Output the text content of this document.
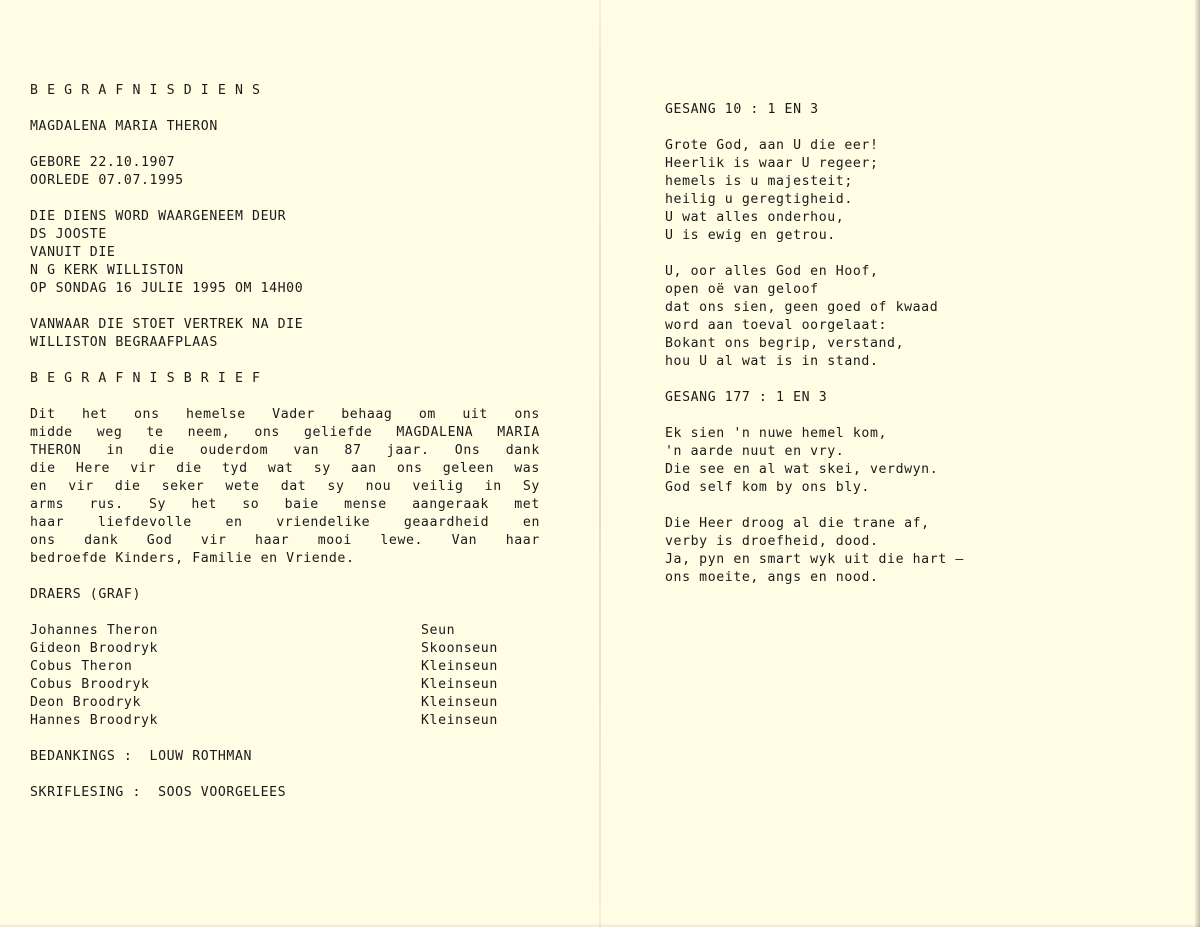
B E G R A F N I S D I E N S
MAGDALENA MARIA THERON
GEBORE 22.10.1907
OORLEDE 07.07.1995
DIE DIENS WORD WAARGENEEM DEUR
DS JOOSTE
VANUIT DIE
N G KERK WILLISTON
OP SONDAG 16 JULIE 1995 OM 14H00
VANWAAR DIE STOET VERTREK NA DIE
WILLISTON BEGRAAFPLAAS
B E G R A F N I S B R I E F
Dit het ons hemelse Vader behaag om uit ons
midde weg te neem, ons geliefde MAGDALENA MARIA
THERON in die ouderdom van 87 jaar. Ons dank
die Here vir die tyd wat sy aan ons geleen was
en vir die seker wete dat sy nou veilig in Sy
arms rus. Sy het so baie mense aangeraak met
haar	liefdevolle	en	vriendelike	geaardheid	en
ons dank God vir haar mooi lewe. Van haar
bedroefde Kinders, Familie en Vriende.
DRAERS (GRAF)
Johannes Theron	Seun
Gideon Broodryk	Skoonseun
Cobus Theron	Kleinseun
Cobus Broodryk	Kleinseun
Deon Broodryk	Kleinseun
Hannes Broodryk	Kleinseun
BEDANKINGS :  LOUW ROTHMAN
SKRIFLESING :  SOOS VOORGELEES
GESANG 10 : 1 EN 3
Grote God, aan U die eer!
Heerlik is waar U regeer;
hemels is u majesteit;
heilig u geregtigheid.
U wat alles onderhou,
U is ewig en getrou.
U, oor alles God en Hoof,
open oë van geloof
dat ons sien, geen goed of kwaad
word aan toeval oorgelaat:
Bokant ons begrip, verstand,
hou U al wat is in stand.
GESANG 177 : 1 EN 3
Ek sien 'n nuwe hemel kom,
'n aarde nuut en vry.
Die see en al wat skei, verdwyn.
God self kom by ons bly.
Die Heer droog al die trane af,
verby is droefheid, dood.
Ja, pyn en smart wyk uit die hart –
ons moeite, angs en nood.
